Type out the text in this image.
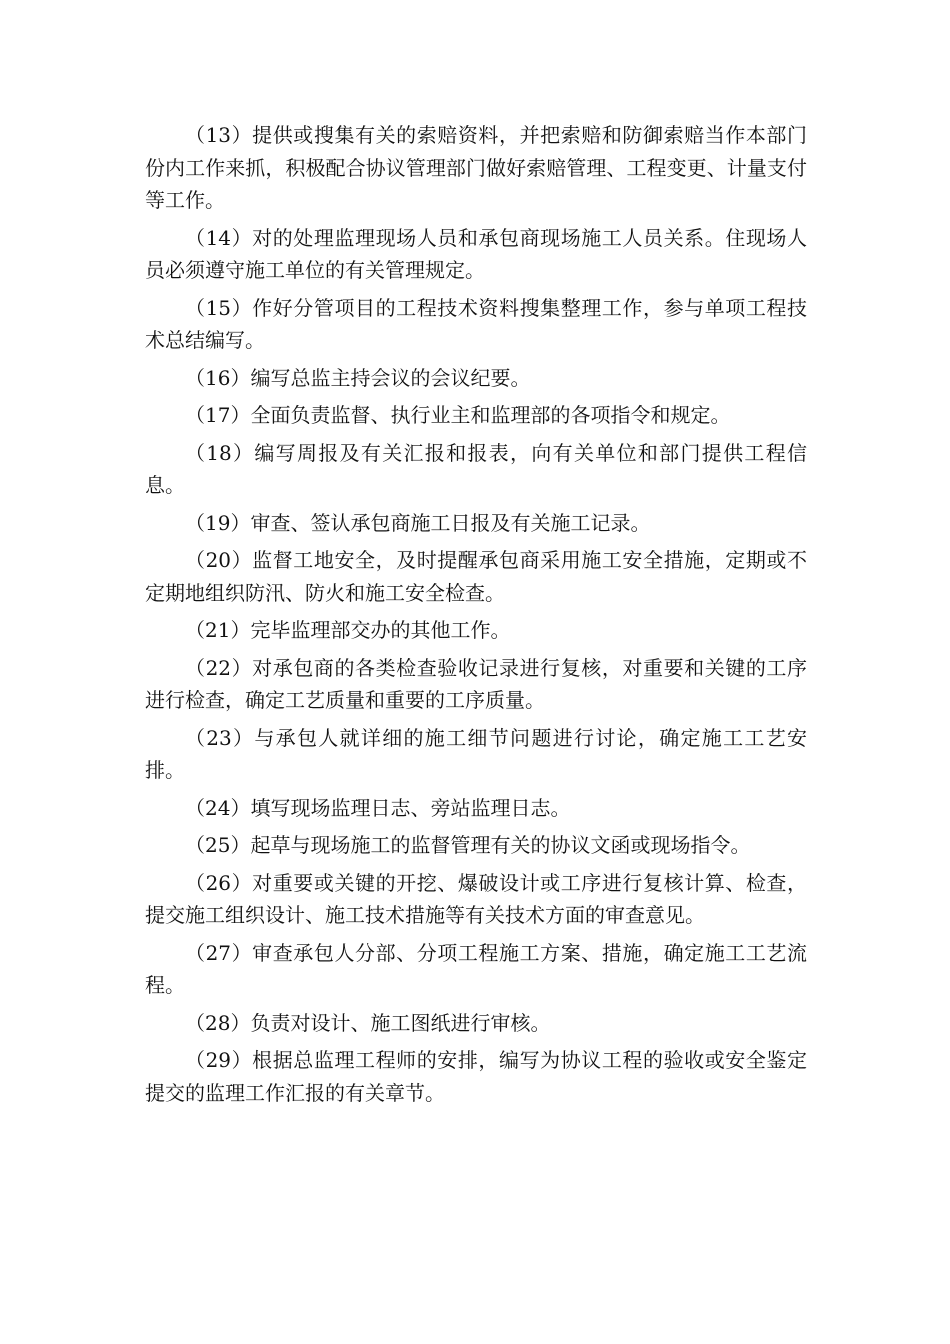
（13）提供或搜集有关的索赔资料，并把索赔和防御索赔当作本部门份内工作来抓，积极配合协议管理部门做好索赔管理、工程变更、计量支付等工作。

（14）对的处理监理现场人员和承包商现场施工人员关系。住现场人员必须遵守施工单位的有关管理规定。

（15）作好分管项目的工程技术资料搜集整理工作，参与单项工程技术总结编写。

（16）编写总监主持会议的会议纪要。

（17）全面负责监督、执行业主和监理部的各项指令和规定。

（18）编写周报及有关汇报和报表，向有关单位和部门提供工程信息。

（19）审查、签认承包商施工日报及有关施工记录。

（20）监督工地安全，及时提醒承包商采用施工安全措施，定期或不定期地组织防汛、防火和施工安全检查。

（21）完毕监理部交办的其他工作。

（22）对承包商的各类检查验收记录进行复核，对重要和关键的工序进行检查，确定工艺质量和重要的工序质量。

（23）与承包人就详细的施工细节问题进行讨论，确定施工工艺安排。

（24）填写现场监理日志、旁站监理日志。

（25）起草与现场施工的监督管理有关的协议文函或现场指令。

（26）对重要或关键的开挖、爆破设计或工序进行复核计算、检查，提交施工组织设计、施工技术措施等有关技术方面的审查意见。

（27）审查承包人分部、分项工程施工方案、措施，确定施工工艺流程。

（28）负责对设计、施工图纸进行审核。

（29）根据总监理工程师的安排，编写为协议工程的验收或安全鉴定提交的监理工作汇报的有关章节。
